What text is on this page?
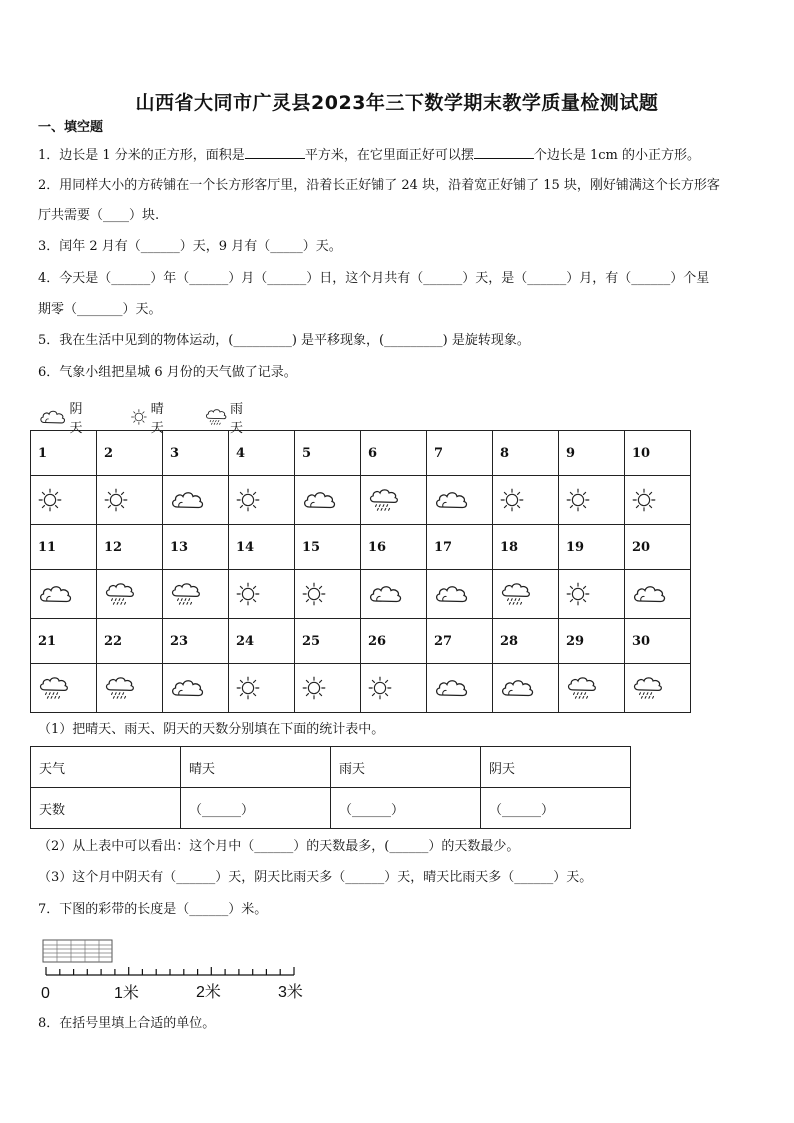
山西省大同市广灵县2023年三下数学期末教学质量检测试题
一、填空题
1．边长是 1 分米的正方形，面积是	平方米，在它里面正好可以摆	个边长是 1cm 的小正方形。
2．用同样大小的方砖铺在一个长方形客厅里，沿着长正好铺了 24 块，沿着宽正好铺了 15 块，刚好铺满这个长方形客
厅共需要（____）块.
3．闰年 2 月有（______）天，9 月有（_____）天。
4．今天是（______）年（______）月（______）日，这个月共有（______）天，是（______）月，有（______）个星
期零（_______）天。
5．我在生活中见到的物体运动，(_________) 是平移现象，(_________) 是旋转现象。
6．气象小组把星城 6 月份的天气做了记录。
阴天
晴天
雨天
1	2	3	4	5	6	7	8	9	10

11	12	13	14	15	16	17	18	19	20

21	22	23	24	25	26	27	28	29	30

（1）把晴天、雨天、阴天的天数分别填在下面的统计表中。
天气	晴天	雨天	阴天
天数	（______）	（______）	（______）
（2）从上表中可以看出：这个月中（______）的天数最多，(______）的天数最少。
（3）这个月中阴天有（______）天，阴天比雨天多（______）天，晴天比雨天多（______）天。
7．下图的彩带的长度是（______）米。
0	1米	2米	3米
8．在括号里填上合适的单位。
